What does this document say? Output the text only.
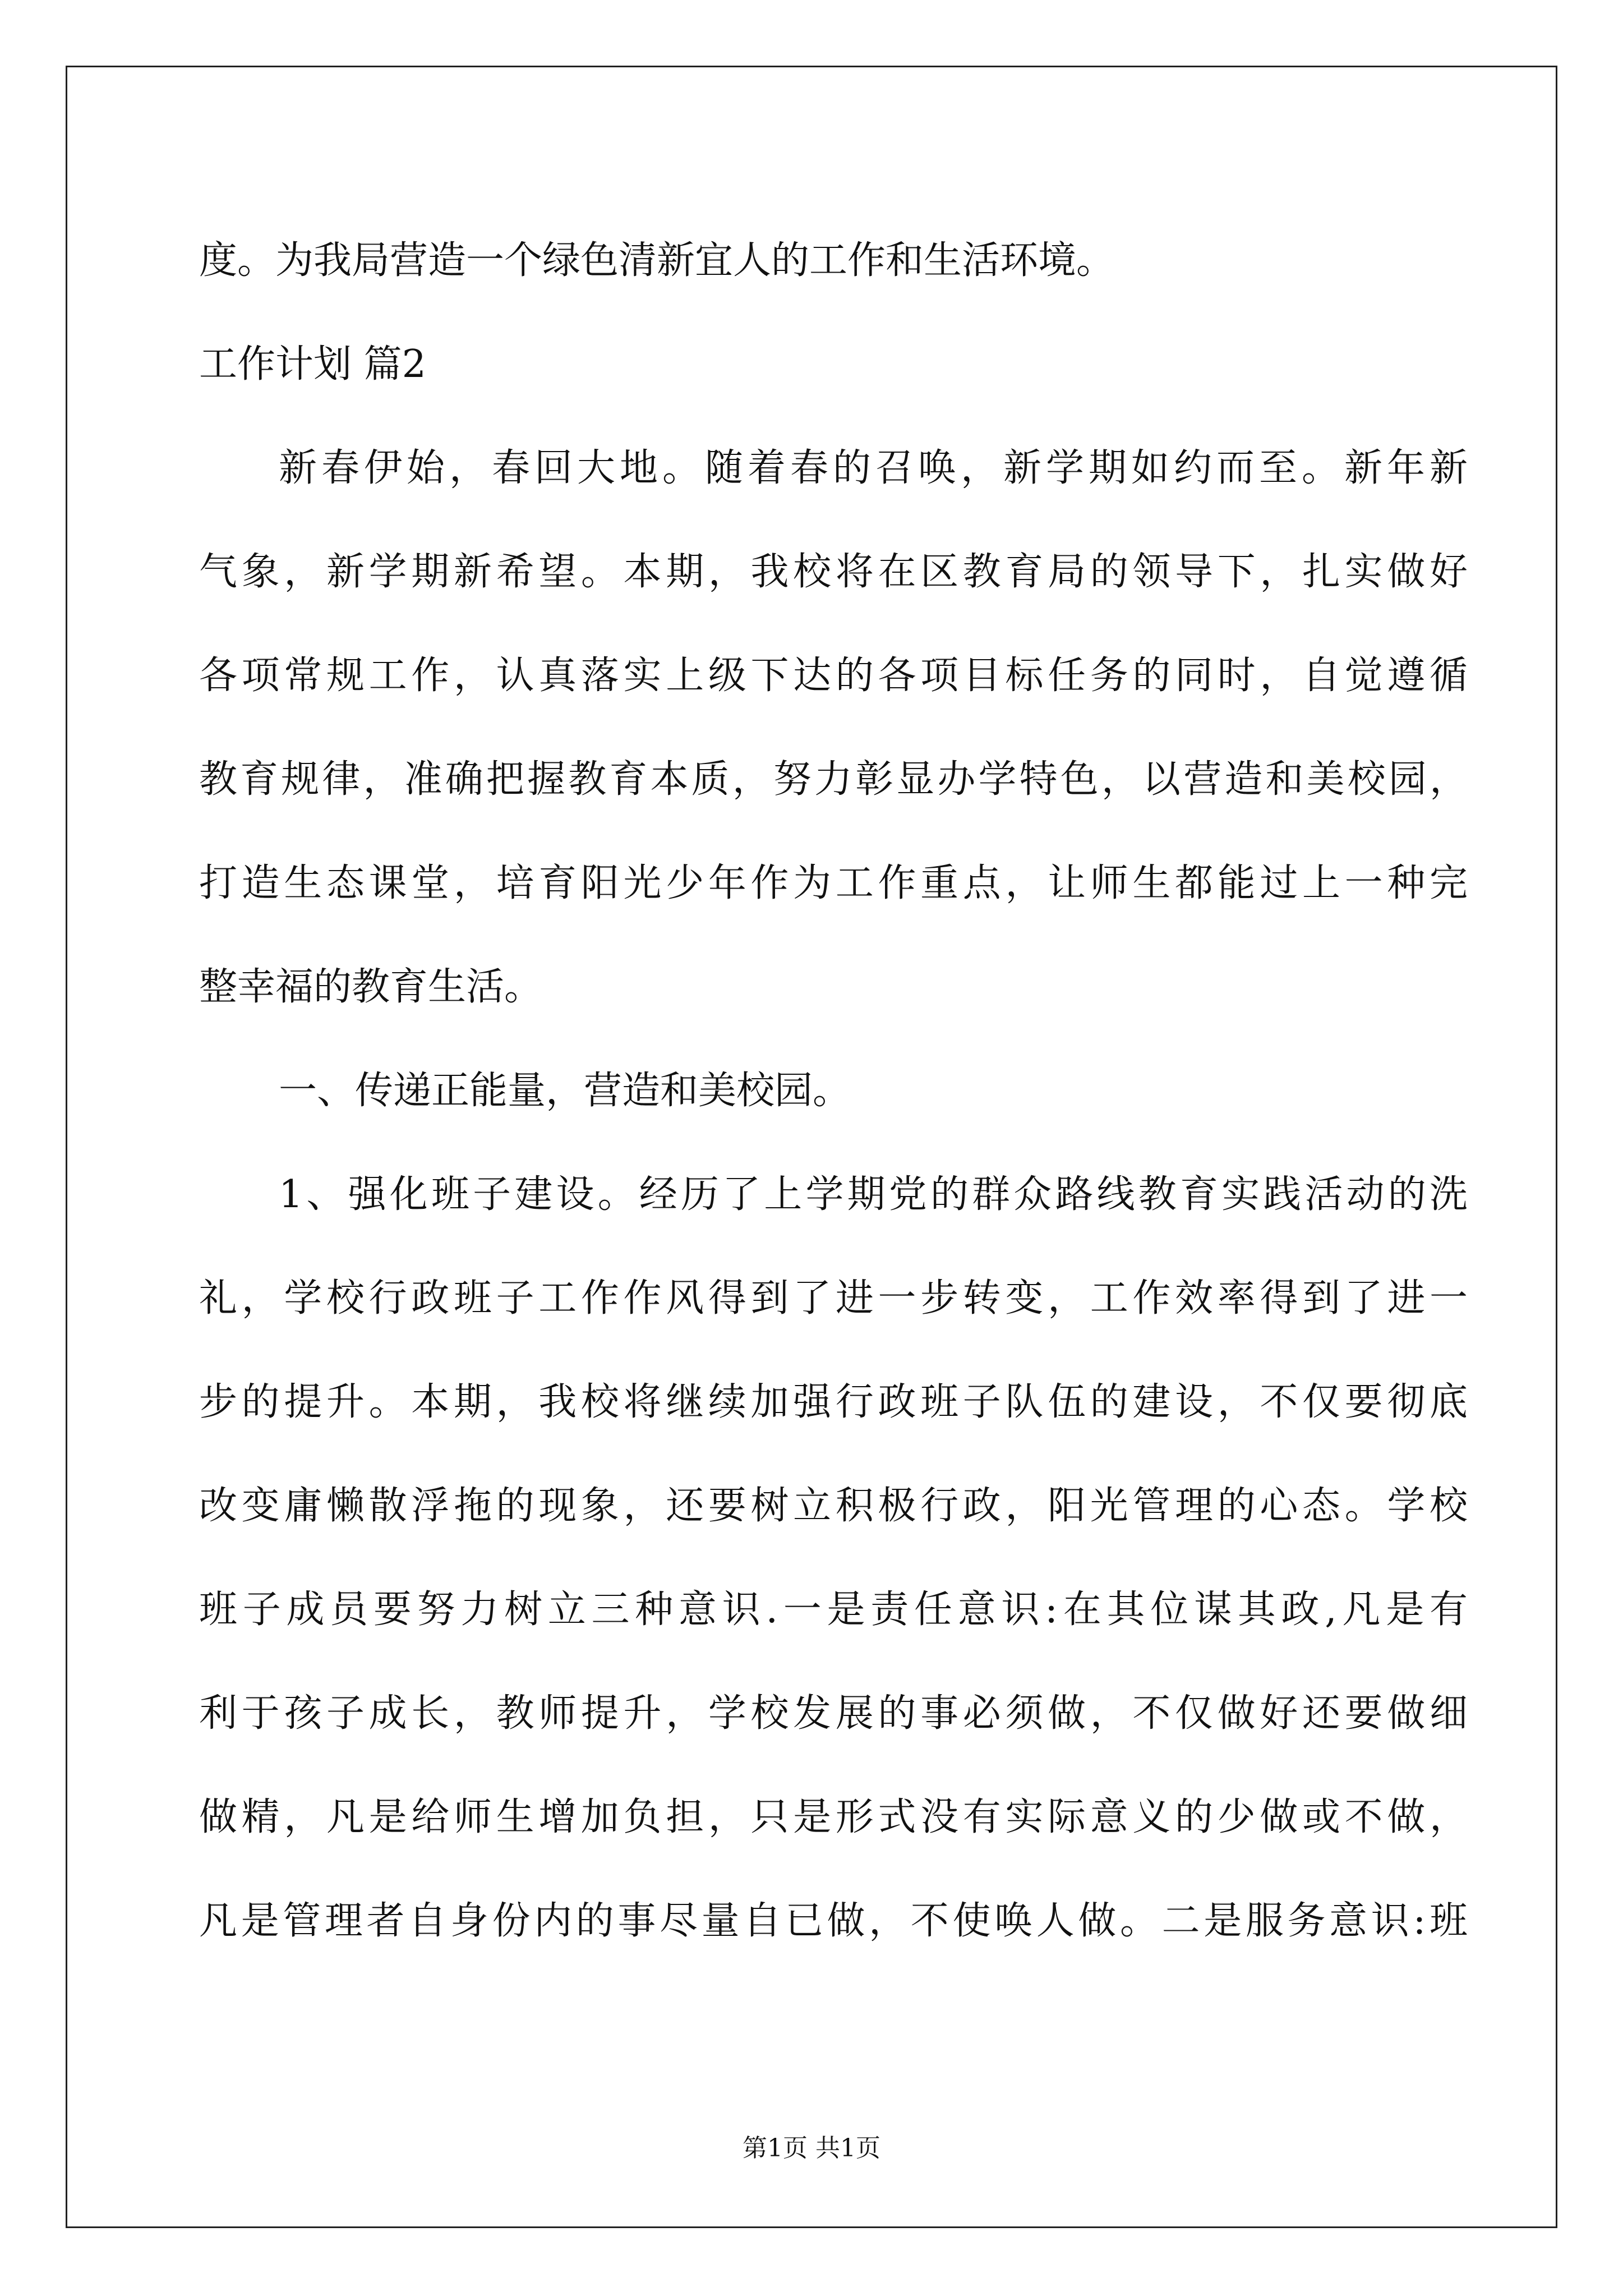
度。为我局营造一个绿色清新宜人的工作和生活环境。
工作计划 篇2
新春伊始，春回大地。随着春的召唤，新学期如约而至。新年新
气象，新学期新希望。本期，我校将在区教育局的领导下，扎实做好
各项常规工作，认真落实上级下达的各项目标任务的同时，自觉遵循
教育规律，准确把握教育本质，努力彰显办学特色，以营造和美校园，
打造生态课堂，培育阳光少年作为工作重点，让师生都能过上一种完
整幸福的教育生活。
一、传递正能量，营造和美校园。
1、强化班子建设。经历了上学期党的群众路线教育实践活动的洗
礼，学校行政班子工作作风得到了进一步转变，工作效率得到了进一
步的提升。本期，我校将继续加强行政班子队伍的建设，不仅要彻底
改变庸懒散浮拖的现象，还要树立积极行政，阳光管理的心态。学校
班子成员要努力树立三种意识.一是责任意识:在其位谋其政,凡是有
利于孩子成长，教师提升，学校发展的事必须做，不仅做好还要做细
做精，凡是给师生增加负担，只是形式没有实际意义的少做或不做，
凡是管理者自身份内的事尽量自已做，不使唤人做。二是服务意识:班
第1页 共1页
